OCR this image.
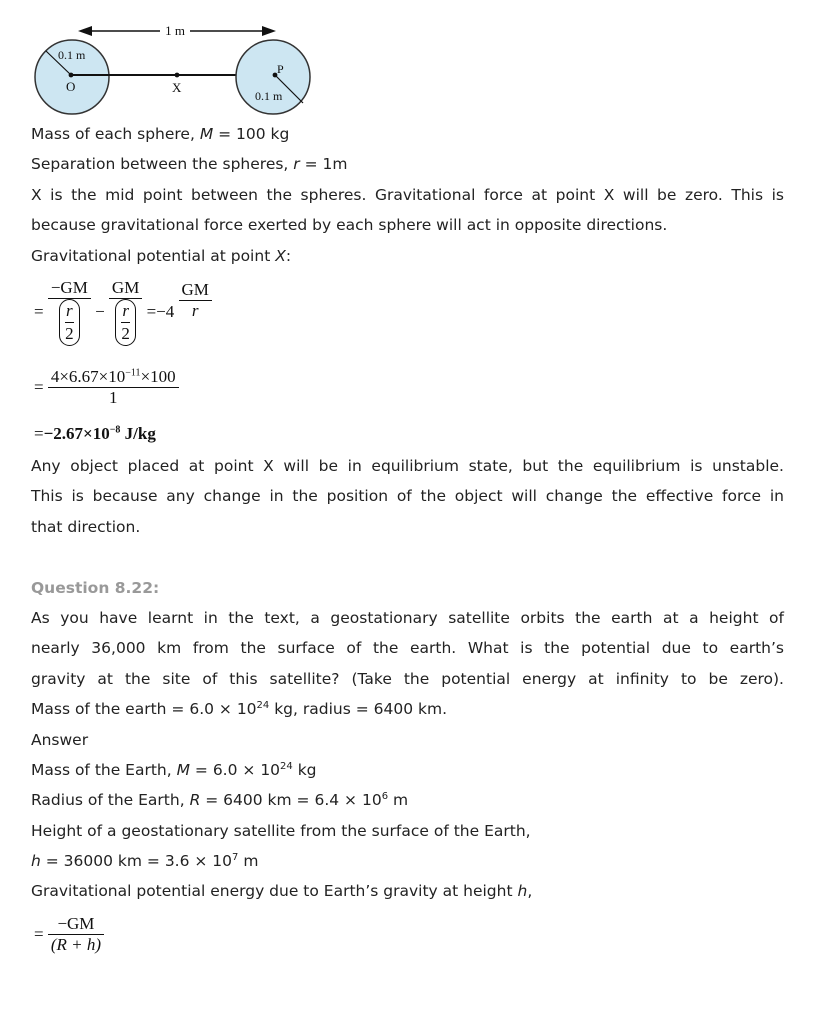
1 m
0.1 m
O	X
P
0.1 m
Mass of each sphere, M = 100 kg
Separation between the spheres, r = 1m
X is the mid point between the spheres. Gravitational force at point X will be zero. This is
because gravitational force exerted by each sphere will act in opposite directions.
Gravitational potential at point X:
= $\frac{-GM}{\frac{r}{2}} - \frac{GM}{\frac{r}{2}} =-4 \frac{GM}{r}$
= $\frac{4\times 6.67\times 10^{-11}\times 100}{1}$
$=-2.67\times 10^{-8}$ J/kg
Any object placed at point X will be in equilibrium state, but the equilibrium is unstable.
This is because any change in the position of the object will change the effective force in
that direction.
Question 8.22:
As you have learnt in the text, a geostationary satellite orbits the earth at a height of
nearly 36,000 km from the surface of the earth. What is the potential due to earth’s
gravity at the site of this satellite? (Take the potential energy at infinity to be zero).
Mass of the earth = $6.0 \times 10^{24}$ kg, radius = 6400 km.
Answer
Mass of the Earth, $M = 6.0 \times 10^{24}$ kg
Radius of the Earth, R = 6400 km = $6.4 \times 10^6$ m
Height of a geostationary satellite from the surface of the Earth,
h = 36000 km = $3.6 \times 10^7$ m
Gravitational potential energy due to Earth’s gravity at height h,
= $\frac{-GM}{(R + h)}$
